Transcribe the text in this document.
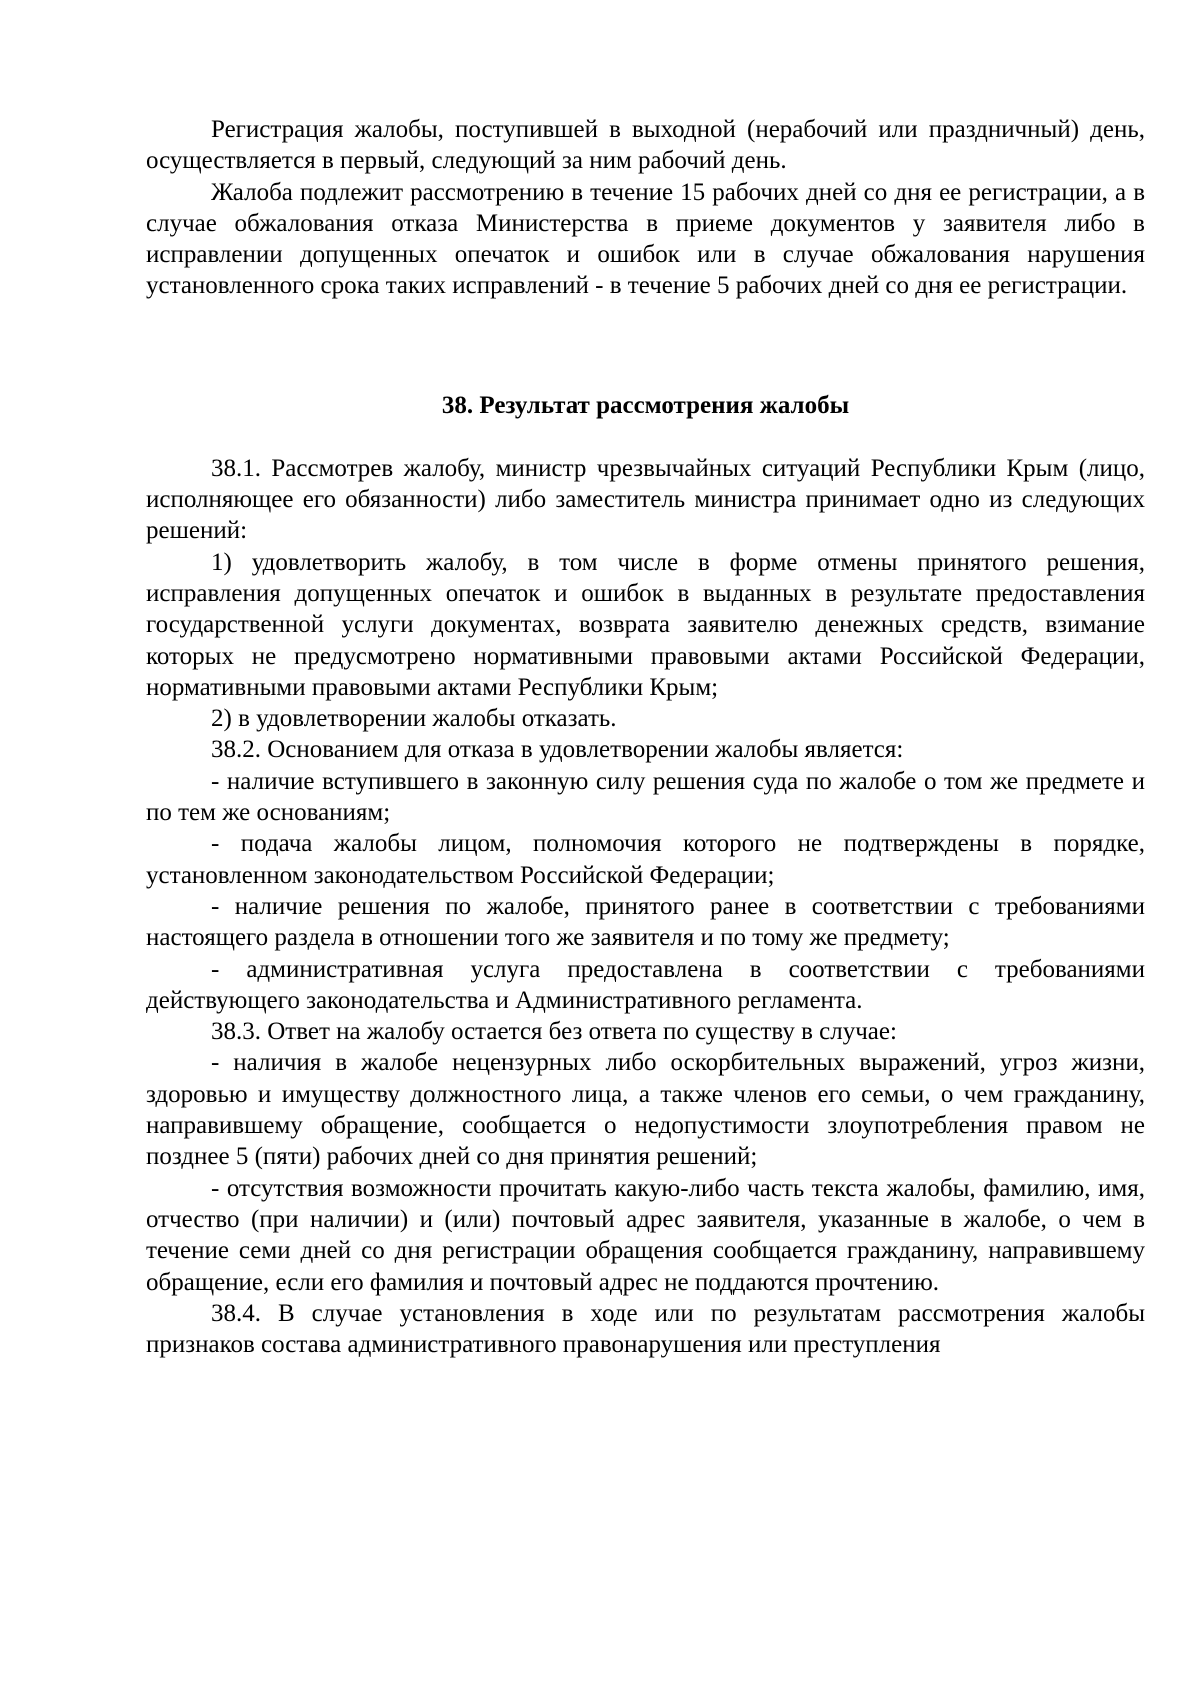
Регистрация жалобы, поступившей в выходной (нерабочий или праздничный) день, осуществляется в первый, следующий за ним рабочий день.

Жалоба подлежит рассмотрению в течение 15 рабочих дней со дня ее регистрации, а в случае обжалования отказа Министерства в приеме документов у заявителя либо в исправлении допущенных опечаток и ошибок или в случае обжалования нарушения установленного срока таких исправлений - в течение 5 рабочих дней со дня ее регистрации.

38. Результат рассмотрения жалобы

38.1. Рассмотрев жалобу, министр чрезвычайных ситуаций Республики Крым (лицо, исполняющее его обязанности) либо заместитель министра принимает одно из следующих решений:

1) удовлетворить жалобу, в том числе в форме отмены принятого решения, исправления допущенных опечаток и ошибок в выданных в результате предоставления государственной услуги документах, возврата заявителю денежных средств, взимание которых не предусмотрено нормативными правовыми актами Российской Федерации, нормативными правовыми актами Республики Крым;

2) в удовлетворении жалобы отказать.

38.2. Основанием для отказа в удовлетворении жалобы является:

- наличие вступившего в законную силу решения суда по жалобе о том же предмете и по тем же основаниям;

- подача жалобы лицом, полномочия которого не подтверждены в порядке, установленном законодательством Российской Федерации;

- наличие решения по жалобе, принятого ранее в соответствии с требованиями настоящего раздела в отношении того же заявителя и по тому же предмету;

- административная услуга предоставлена в соответствии с требованиями действующего законодательства и Административного регламента.

38.3. Ответ на жалобу остается без ответа по существу в случае:

- наличия в жалобе нецензурных либо оскорбительных выражений, угроз жизни, здоровью и имуществу должностного лица, а также членов его семьи, о чем гражданину, направившему обращение, сообщается о недопустимости злоупотребления правом не позднее 5 (пяти) рабочих дней со дня принятия решений;

- отсутствия возможности прочитать какую-либо часть текста жалобы, фамилию, имя, отчество (при наличии) и (или) почтовый адрес заявителя, указанные в жалобе, о чем в течение семи дней со дня регистрации обращения сообщается гражданину, направившему обращение, если его фамилия и почтовый адрес не поддаются прочтению.

38.4. В случае установления в ходе или по результатам рассмотрения жалобы признаков состава административного правонарушения или преступления
